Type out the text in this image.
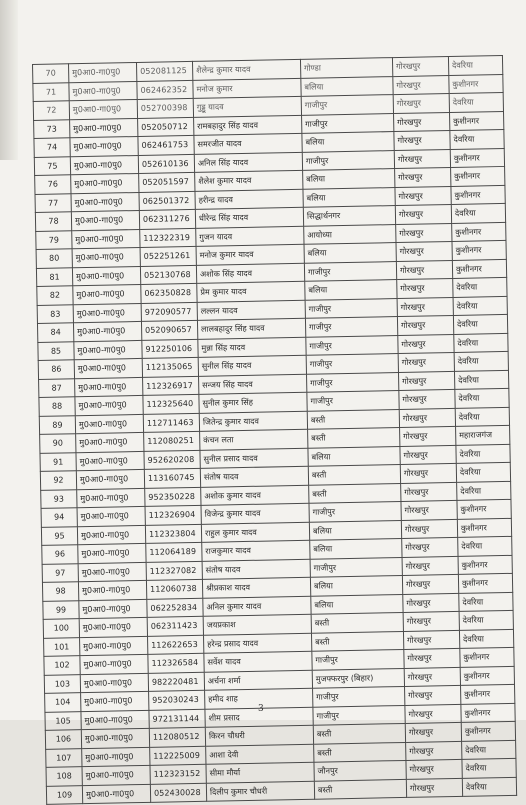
70	मु0आ0-गा0पु0	052081125	शैलेन्द्र कुमार यादव	गोण्डा	गोरखपुर	देवरिया
71	मु0आ0-गा0पु0	062462352	मनोज कुमार	बलिया	गोरखपुर	कुशीनगर
72	मु0आ0-गा0पु0	052700398	गुड्डू यादव	गाजीपुर	गोरखपुर	देवरिया
73	मु0आ0-गा0पु0	052050712	रामबहादुर सिंह यादव	गाजीपुर	गोरखपुर	कुशीनगर
74	मु0आ0-गा0पु0	062461753	समरजीत यादव	बलिया	गोरखपुर	देवरिया
75	मु0आ0-गा0पु0	052610136	अनिल सिंह यादव	गाजीपुर	गोरखपुर	कुशीनगर
76	मु0आ0-गा0पु0	052051597	शैलेश कुमार यादव	बलिया	गोरखपुर	कुशीनगर
77	मु0आ0-गा0पु0	062501372	हरीन्द्र यादव	बलिया	गोरखपुर	कुशीनगर
78	मु0आ0-गा0पु0	062311276	धीरेन्द्र सिंह यादव	सिद्धार्थनगर	गोरखपुर	देवरिया
79	मु0आ0-गा0पु0	112322319	गुजन यादव	आयोध्या	गोरखपुर	कुशीनगर
80	मु0आ0-गा0पु0	052251261	मनोज कुमार यादव	बलिया	गोरखपुर	कुशीनगर
81	मु0आ0-गा0पु0	052130768	अशोक सिंह यादव	गाजीपुर	गोरखपुर	कुशीनगर
82	मु0आ0-गा0पु0	062350828	प्रेम कुमार यादव	बलिया	गोरखपुर	देवरिया
83	मु0आ0-गा0पु0	972090577	लल्लन यादव	गाजीपुर	गोरखपुर	देवरिया
84	मु0आ0-गा0पु0	052090657	लालबहादुर सिंह यादव	गाजीपुर	गोरखपुर	देवरिया
85	मु0आ0-गा0पु0	912250106	मुन्ना सिंह यादव	गाजीपुर	गोरखपुर	देवरिया
86	मु0आ0-गा0पु0	112135065	सुनील सिंह यादव	गाजीपुर	गोरखपुर	देवरिया
87	मु0आ0-गा0पु0	112326917	सन्जय सिंह यादव	गाजीपुर	गोरखपुर	देवरिया
88	मु0आ0-गा0पु0	112325640	सुनील कुमार सिंह	गाजीपुर	गोरखपुर	देवरिया
89	मु0आ0-गा0पु0	112711463	जितेन्द्र कुमार यादव	बस्ती	गोरखपुर	देवरिया
90	मु0आ0-गा0पु0	112080251	कंचन लता	बस्ती	गोरखपुर	महाराजगंज
91	मु0आ0-गा0पु0	952620208	सुनील प्रसाद यादव	बलिया	गोरखपुर	देवरिया
92	मु0आ0-गा0पु0	113160745	संतोष यादव	बस्ती	गोरखपुर	देवरिया
93	मु0आ0-गा0पु0	952350228	अशोक कुमार यादव	बस्ती	गोरखपुर	देवरिया
94	मु0आ0-गा0पु0	112326904	विजेन्द्र कुमार यादव	गाजीपुर	गोरखपुर	कुशीनगर
95	मु0आ0-गा0पु0	112323804	राहुल कुमार यादव	बलिया	गोरखपुर	कुशीनगर
96	मु0आ0-गा0पु0	112064189	राजकुमार यादव	बलिया	गोरखपुर	देवरिया
97	मु0आ0-गा0पु0	112327082	संतोष यादव	गाजीपुर	गोरखपुर	कुशीनगर
98	मु0आ0-गा0पु0	112060738	श्रीप्रकाश यादव	बलिया	गोरखपुर	कुशीनगर
99	मु0आ0-गा0पु0	062252834	अनिल कुमार यादव	बलिया	गोरखपुर	देवरिया
100	मु0आ0-गा0पु0	062311423	जयप्रकाश	बस्ती	गोरखपुर	देवरिया
101	मु0आ0-गा0पु0	112622653	हरेन्द्र प्रसाद यादव	बस्ती	गोरखपुर	देवरिया
102	मु0आ0-गा0पु0	112326584	सर्वेश यादव	गाजीपुर	गोरखपुर	कुशीनगर
103	मु0आ0-गा0पु0	982220481	अर्चना शर्मा	मुजफ्फरपुर (बिहार)	गोरखपुर	कुशीनगर
104	मु0आ0-गा0पु0	952030243	हमीद शाह	गाजीपुर	गोरखपुर	कुशीनगर
105	मु0आ0-गा0पु0	972131144	शीम प्रसाद	गाजीपुर	गोरखपुर	कुशीनगर
106	मु0आ0-गा0पु0	112080512	किरन चौधरी	बस्ती	गोरखपुर	कुशीनगर
107	मु0आ0-गा0पु0	112225009	आशा देवी	बस्ती	गोरखपुर	देवरिया
108	मु0आ0-गा0पु0	112323152	सीमा मौर्या	जौनपुर	गोरखपुर	देवरिया
109	मु0आ0-गा0पु0	052430028	दिलीप कुमार चौधरी	बस्ती	गोरखपुर	देवरिया
3
